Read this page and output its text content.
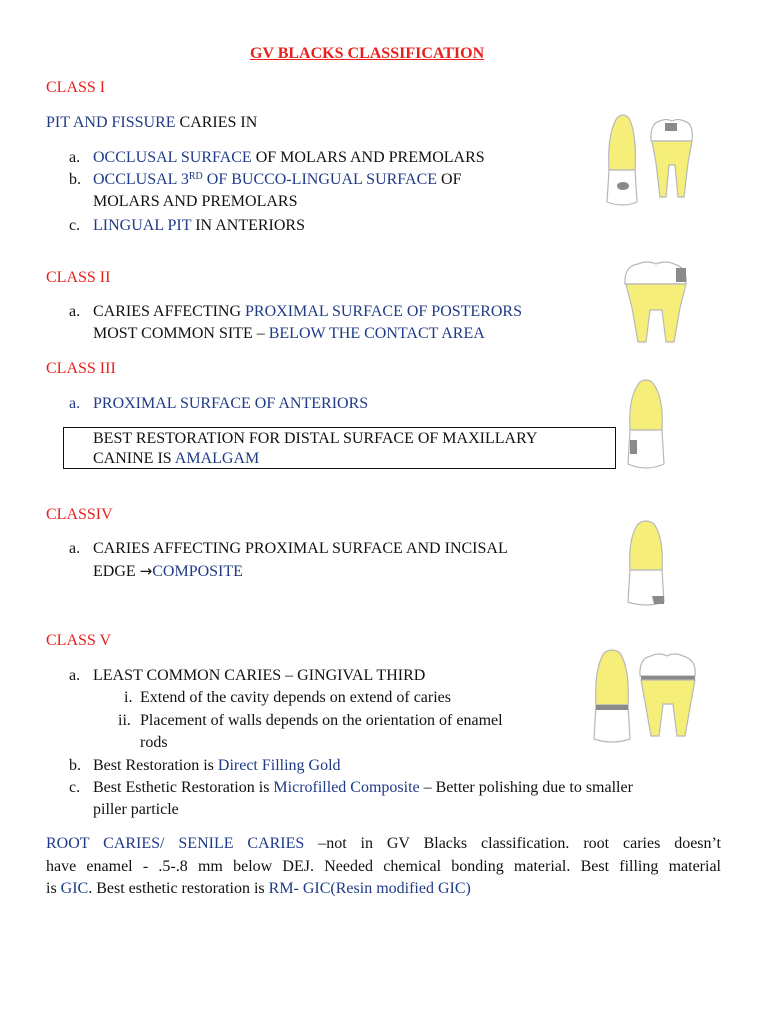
GV BLACKS CLASSIFICATION
CLASS I
PIT AND FISSURE CARIES IN
a. OCCLUSAL SURFACE OF MOLARS AND PREMOLARS
b. OCCLUSAL 3RD OF BUCCO-LINGUAL SURFACE OF
MOLARS AND PREMOLARS
c. LINGUAL PIT IN ANTERIORS
CLASS II
a. CARIES AFFECTING PROXIMAL SURFACE OF POSTERORS
MOST COMMON SITE – BELOW THE CONTACT AREA
CLASS III
a. PROXIMAL SURFACE OF ANTERIORS
BEST RESTORATION FOR DISTAL SURFACE OF MAXILLARY
CANINE IS AMALGAM
CLASSIV
a. CARIES AFFECTING PROXIMAL SURFACE AND INCISAL
EDGE →COMPOSITE
CLASS V
a. LEAST COMMON CARIES – GINGIVAL THIRD
i. Extend of the cavity depends on extend of caries
ii. Placement of walls depends on the orientation of enamel
rods
b. Best Restoration is Direct Filling Gold
c. Best Esthetic Restoration is Microfilled Composite – Better polishing due to smaller
piller particle
ROOT CARIES/ SENILE CARIES –not in GV Blacks classification. root caries doesn’t
have enamel - .5-.8 mm below DEJ. Needed chemical bonding material. Best filling material
is GIC. Best esthetic restoration is RM- GIC(Resin modified GIC)
